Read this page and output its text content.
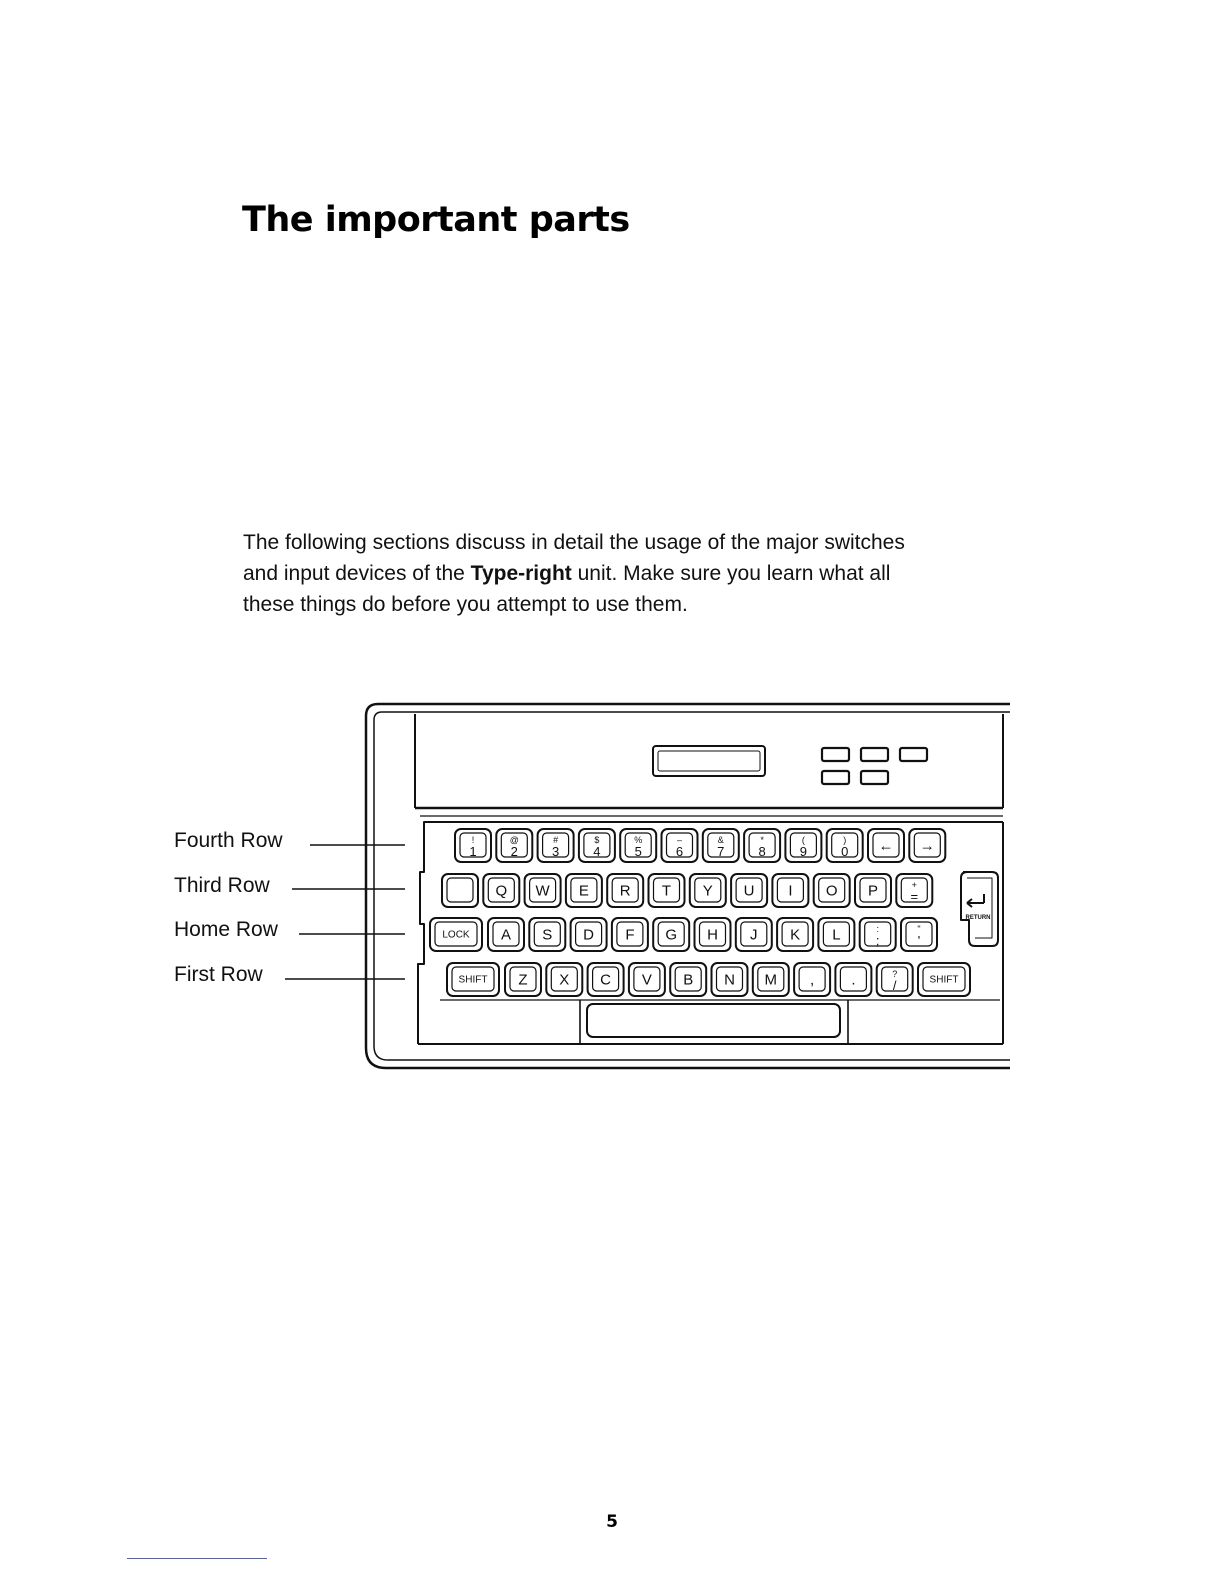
The important parts

The following sections discuss in detail the usage of the major switches
and input devices of the Type-right unit. Make sure you learn what all
these things do before you attempt to use them.

Fourth Row
Third Row
Home Row
First Row
RETURN
!
1
@
2
#
3
$
4
%
5
–
6
&
7
*
8
(
9
)
0 ← →
Q W E R T Y U I O P	+
=
LOCK A S D F G H J K L	:
;
"
'
SHIFT Z X C V B N M , .	?
/	SHIFT
5
